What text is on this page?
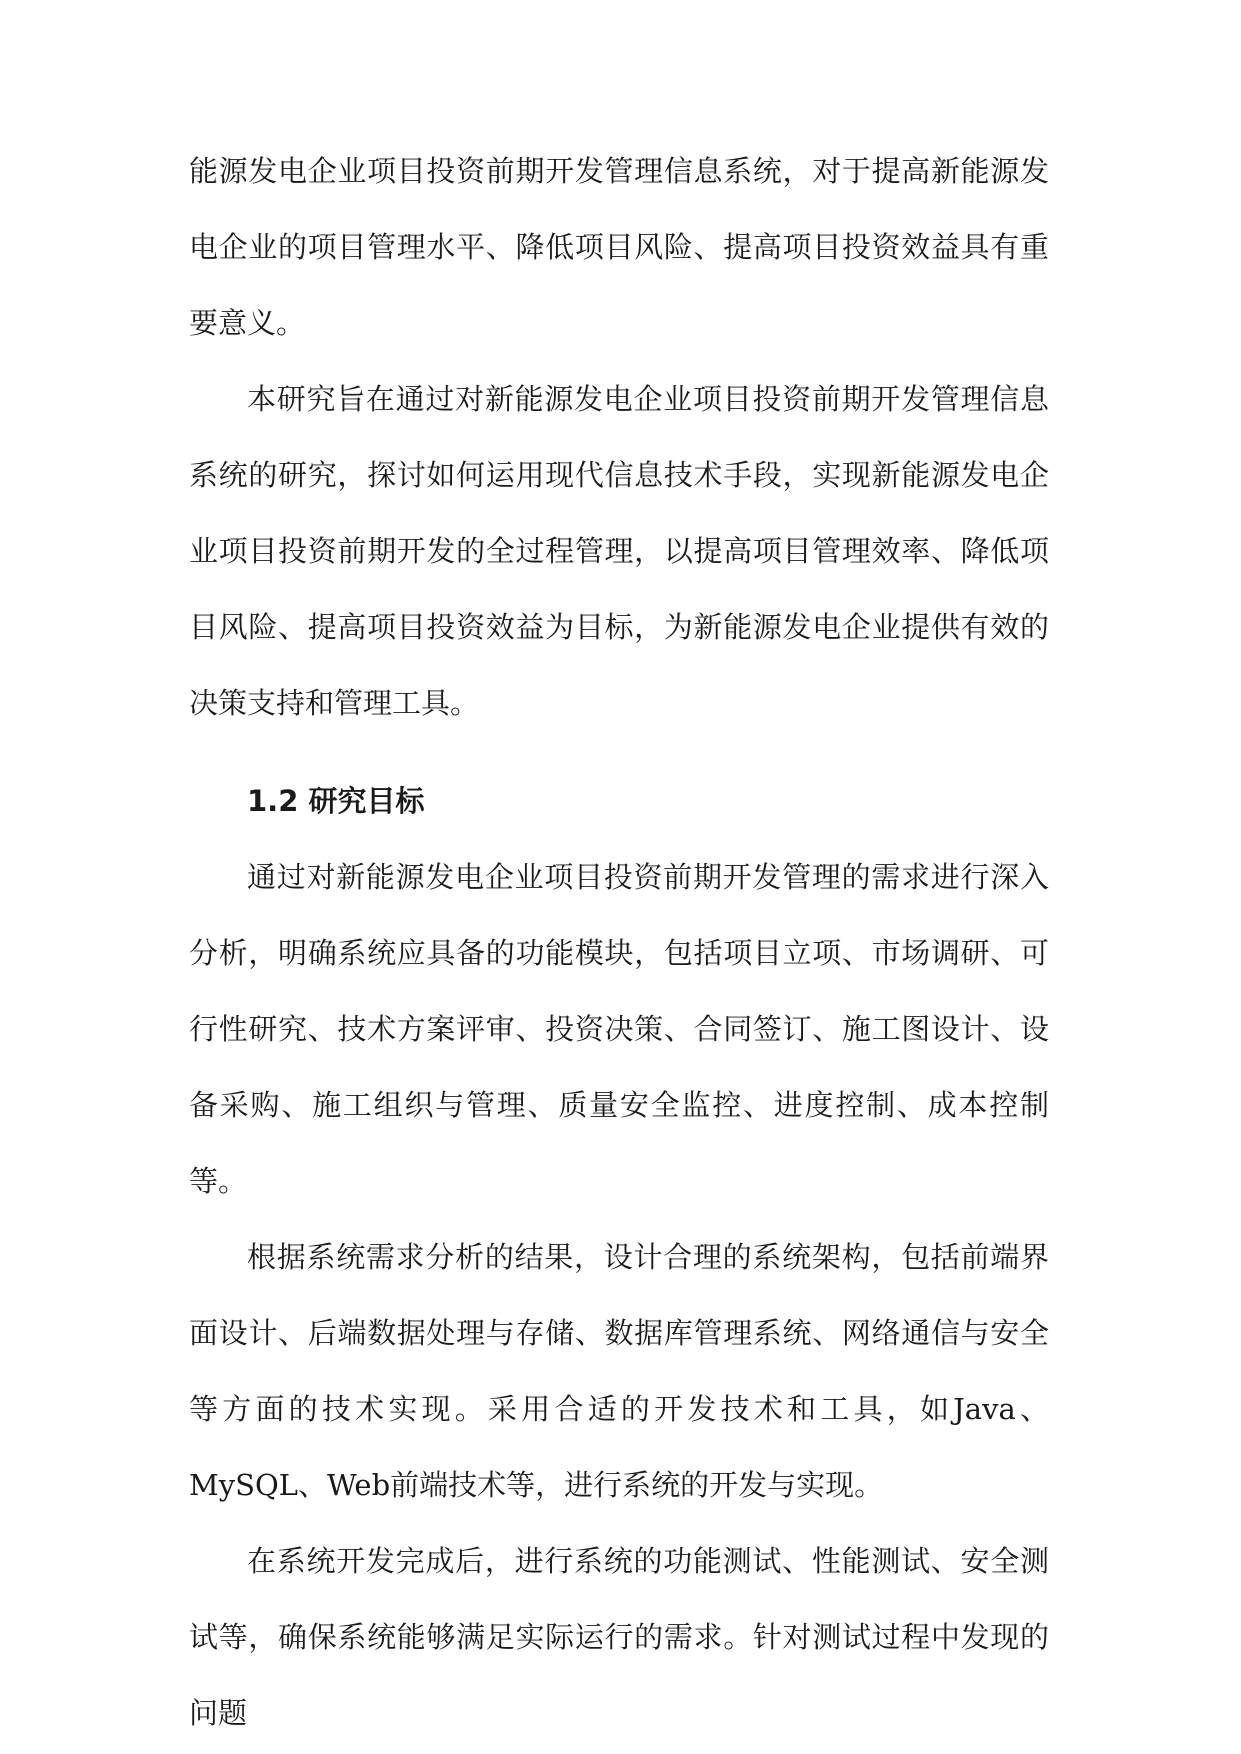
能源发电企业项目投资前期开发管理信息系统，对于提高新能源发电企业的项目管理水平、降低项目风险、提高项目投资效益具有重要意义。

本研究旨在通过对新能源发电企业项目投资前期开发管理信息系统的研究，探讨如何运用现代信息技术手段，实现新能源发电企业项目投资前期开发的全过程管理，以提高项目管理效率、降低项目风险、提高项目投资效益为目标，为新能源发电企业提供有效的决策支持和管理工具。

1.2 研究目标

通过对新能源发电企业项目投资前期开发管理的需求进行深入分析，明确系统应具备的功能模块，包括项目立项、市场调研、可行性研究、技术方案评审、投资决策、合同签订、施工图设计、设备采购、施工组织与管理、质量安全监控、进度控制、成本控制等。

根据系统需求分析的结果，设计合理的系统架构，包括前端界面设计、后端数据处理与存储、数据库管理系统、网络通信与安全等方面的技术实现。采用合适的开发技术和工具，如Java、MySQL、Web前端技术等，进行系统的开发与实现。

在系统开发完成后，进行系统的功能测试、性能测试、安全测试等，确保系统能够满足实际运行的需求。针对测试过程中发现的问题
